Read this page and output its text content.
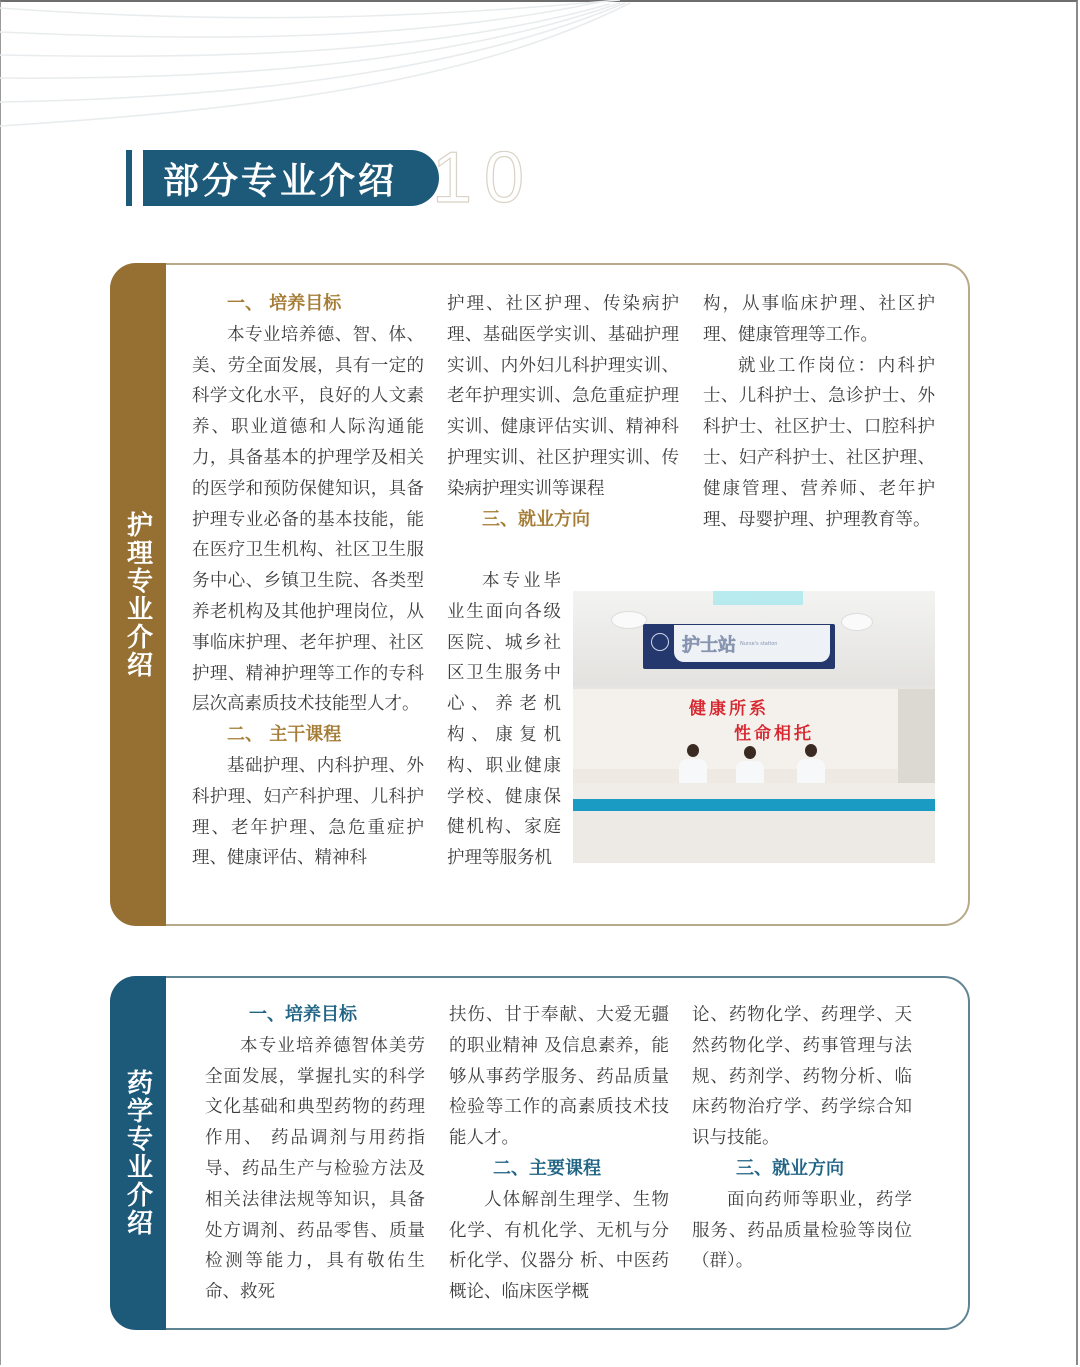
部分专业介绍 10
护理专业介绍

一、 培养目标

本专业培养德、智、体、美、劳全面发展，具有一定的科学文化水平，良好的人文素养、职业道德和人际沟通能力，具备基本的护理学及相关的医学和预防保健知识，具备护理专业必备的基本技能，能在医疗卫生机构、社区卫生服务中心、乡镇卫生院、各类型养老机构及其他护理岗位，从事临床护理、老年护理、社区护理、精神护理等工作的专科层次高素质技术技能型人才。

二、 主干课程

基础护理、内科护理、外科护理、妇产科护理、儿科护理、老年护理、急危重症护理、健康评估、精神科

护理、社区护理、传染病护理、基础医学实训、基础护理实训、内外妇儿科护理实训、老年护理实训、急危重症护理实训、健康评估实训、精神科护理实训、社区护理实训、传染病护理实训等课程

三、就业方向

本专业毕业生面向各级医院、城乡社区卫生服务中心、养老机构、康复机构、职业健康学校、健康保健机构、家庭护理等服务机

构，从事临床护理、社区护理、健康管理等工作。

就业工作岗位：内科护士、儿科护士、急诊护士、外科护士、社区护士、口腔科护士、妇产科护士、社区护理、健康管理、营养师、老年护理、母婴护理、护理教育等。

护士站 Nurse's station
健康所系
性命相托
药学专业介绍

一、培养目标

本专业培养德智体美劳全面发展，掌握扎实的科学文化基础和典型药物的药理作用、 药品调剂与用药指导、药品生产与检验方法及相关法律法规等知识，具备处方调剂、药品零售、质量检测等能力，具有敬佑生命、救死

扶伤、甘于奉献、大爱无疆的职业精神 及信息素养，能够从事药学服务、药品质量检验等工作的高素质技术技能人才。

二、主要课程

人体解剖生理学、生物化学、有机化学、无机与分析化学、仪器分 析、中医药概论、临床医学概

论、药物化学、药理学、天然药物化学、药事管理与法规、药剂学、药物分析、临床药物治疗学、药学综合知识与技能。

三、就业方向

面向药师等职业，药学服务、药品质量检验等岗位（群）。
